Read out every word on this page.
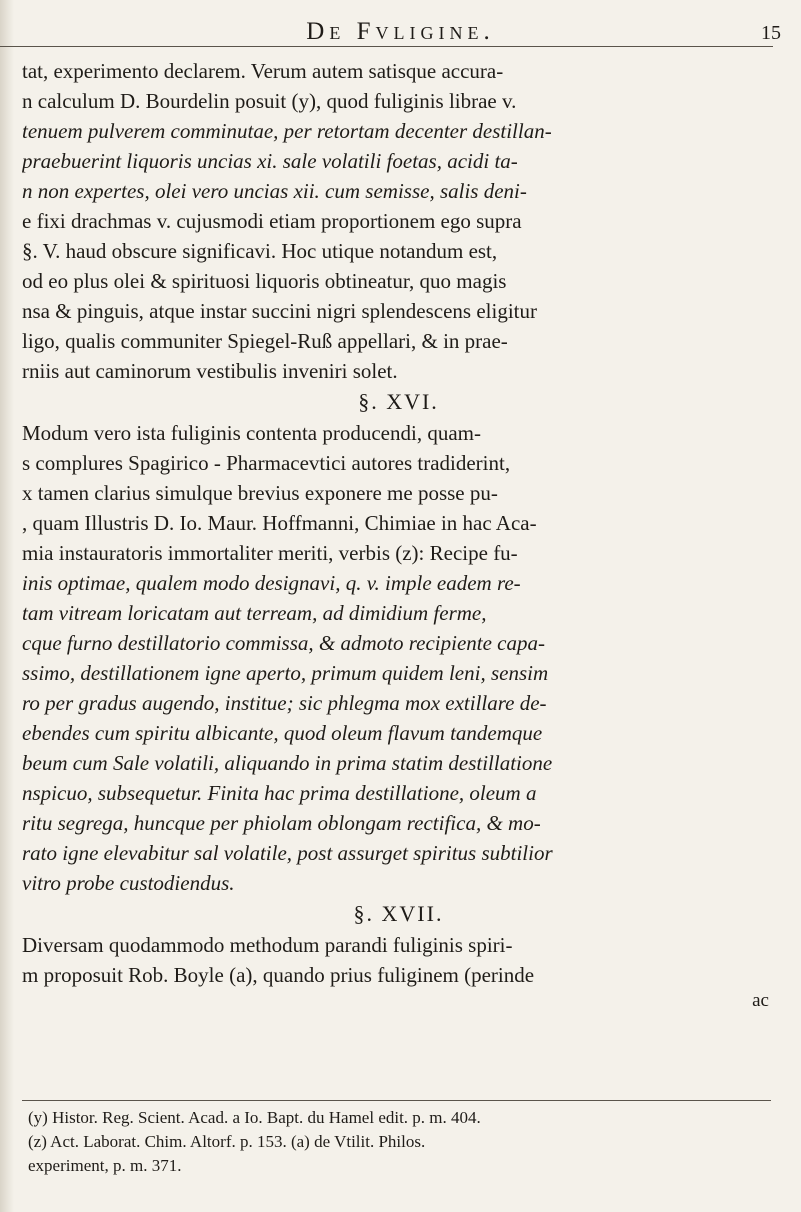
De Fvligine.	15
tat, experimento declarem. Verum autem satisque accura-
n calculum D. Bourdelin posuit (y), quod fuliginis librae v.
tenuem pulverem comminutae, per retortam decenter destillan-
praebuerint liquoris uncias xi. sale volatili foetas, acidi ta-
n non expertes, olei vero uncias xii. cum semisse, salis deni-
e fixi drachmas v. cujusmodi etiam proportionem ego supra
§. V. haud obscure significavi. Hoc utique notandum est,
od eo plus olei & spirituosi liquoris obtineatur, quo magis
nsa & pinguis, atque instar succini nigri splendescens eligitur
ligo, qualis communiter Spiegel-Ruß appellari, & in prae-
rniis aut caminorum vestibulis inveniri solet.
§. XVI.
Modum vero ista fuliginis contenta producendi, quam-
s complures Spagirico - Pharmacevtici autores tradiderint,
x tamen clarius simulque brevius exponere me posse pu-
, quam Illustris D. Io. Maur. Hoffmanni, Chimiae in hac Aca-
mia instauratoris immortaliter meriti, verbis (z): Recipe fu-
inis optimae, qualem modo designavi, q. v. imple eadem re-
tam vitream loricatam aut terream, ad dimidium ferme,
cque furno destillatorio commissa, & admoto recipiente capa-
ssimo, destillationem igne aperto, primum quidem leni, sensim
ro per gradus augendo, instituе; sic phlegma mox extillare de-
ebendes cum spiritu albicante, quod oleum flavum tandemque
beum cum Sale volatili, aliquando in prima statim destillatione
nspicuo, subsequetur. Finita hac prima destillatione, oleum a
ritu segrega, huncque per phiolam oblongam rectifica, & mo-
rato igne elevabitur sal volatile, post assurget spiritus subtilior
vitro probe custodiendus.
§. XVII.
Diversam quodammodo methodum parandi fuliginis spiri-
m proposuit Rob. Boyle (a), quando prius fuliginem (perinde
ac
(y) Histor. Reg. Scient. Acad. a Io. Bapt. du Hamel edit. p. m. 404.
(z) Act. Laborat. Chim. Altorf. p. 153. (a) de Vtilit. Philos.
experiment, p. m. 371.
